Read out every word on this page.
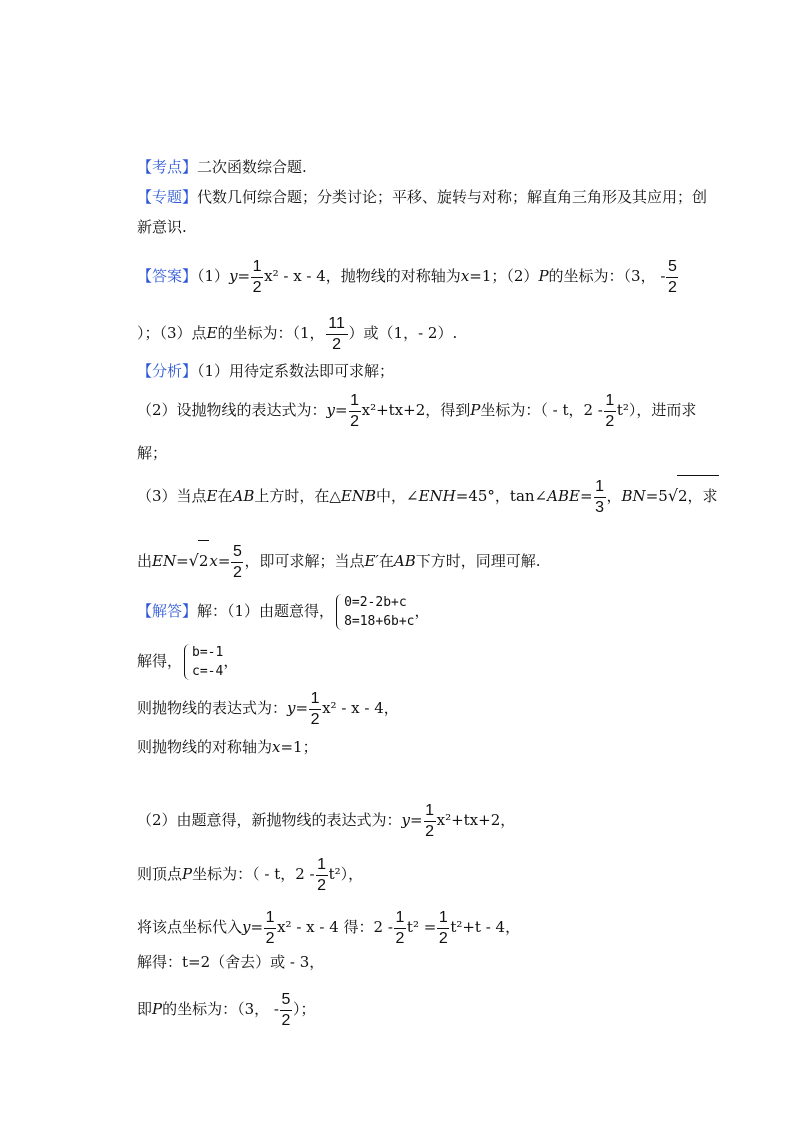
【考点】二次函数综合题.
【专题】代数几何综合题；分类讨论；平移、旋转与对称；解直角三角形及其应用；创
新意识.
【答案】$(1)y= \frac{1}{2} x^2 - x - 4$，抛物线的对称轴为x=1；（2）P的坐标为：（3， - $\frac{5}{2}$
）；（3）点E的坐标为：（1， $\frac{11}{2}$ ）或（1，- 2）.
【分析】（1）用待定系数法即可求解；
（2）设抛物线的表达式为：$y= \frac{1}{2} x^2+tx+2$，得到P坐标为：（ - t，$2 - \frac{1}{2} t^2$），进而求
解；
（3）当点E在AB上方时，在△ENB中，∠ENH=45°，tan∠ABE= $\frac{1}{3}$ ，BN=5√2，求
出$EN=√2x= \frac{5}{2}$ ，即可求解；当点E′在AB下方时，同理可解.
【解答】解：（1）由题意得， 0=2-2b+c
8=18+6b+c
，
解得， b=-1
c=-4
，
则抛物线的表达式为：$y= \frac{1}{2} x^2 - x - 4$，
则抛物线的对称轴为x=1；
（2）由题意得，新抛物线的表达式为：$y= \frac{1}{2} x^2+tx+2$，
则顶点P坐标为：（ - t，$2 - \frac{1}{2} t^2$），
将该点坐标代入$y= \frac{1}{2} x^2 - x - 4$ 得：$2 - \frac{1}{2} t^2 = \frac{1}{2} t^2+t - 4$，
解得：t=2（舍去）或 - 3，
即P的坐标为：（3， - $\frac{5}{2}$ ）；
